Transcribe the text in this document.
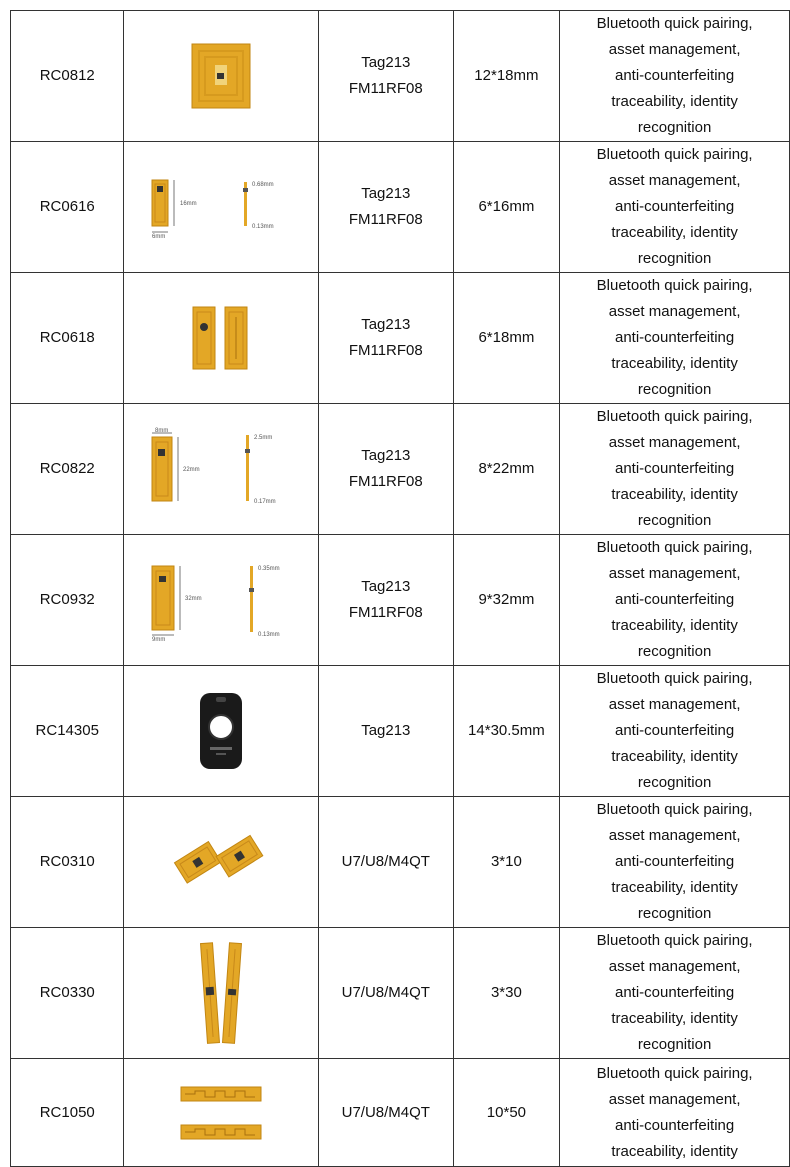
RC0812		Tag213
FM11RF08	12*18mm	Bluetooth quick pairing,
asset management,
anti-counterfeiting
traceability, identity
recognition
RC0616	16mm
6mm
0.68mm
0.13mm	Tag213
FM11RF08	6*16mm	Bluetooth quick pairing,
asset management,
anti-counterfeiting
traceability, identity
recognition
RC0618		Tag213
FM11RF08	6*18mm	Bluetooth quick pairing,
asset management,
anti-counterfeiting
traceability, identity
recognition
RC0822	8mm
22mm
2.5mm
0.17mm	Tag213
FM11RF08	8*22mm	Bluetooth quick pairing,
asset management,
anti-counterfeiting
traceability, identity
recognition
RC0932	32mm
9mm
0.35mm
0.13mm	Tag213
FM11RF08	9*32mm	Bluetooth quick pairing,
asset management,
anti-counterfeiting
traceability, identity
recognition
RC14305		Tag213	14*30.5mm	Bluetooth quick pairing,
asset management,
anti-counterfeiting
traceability, identity
recognition
RC0310		U7/U8/M4QT	3*10	Bluetooth quick pairing,
asset management,
anti-counterfeiting
traceability, identity
recognition
RC0330		U7/U8/M4QT	3*30	Bluetooth quick pairing,
asset management,
anti-counterfeiting
traceability, identity
recognition
RC1050		U7/U8/M4QT	10*50	Bluetooth quick pairing,
asset management,
anti-counterfeiting
traceability, identity
